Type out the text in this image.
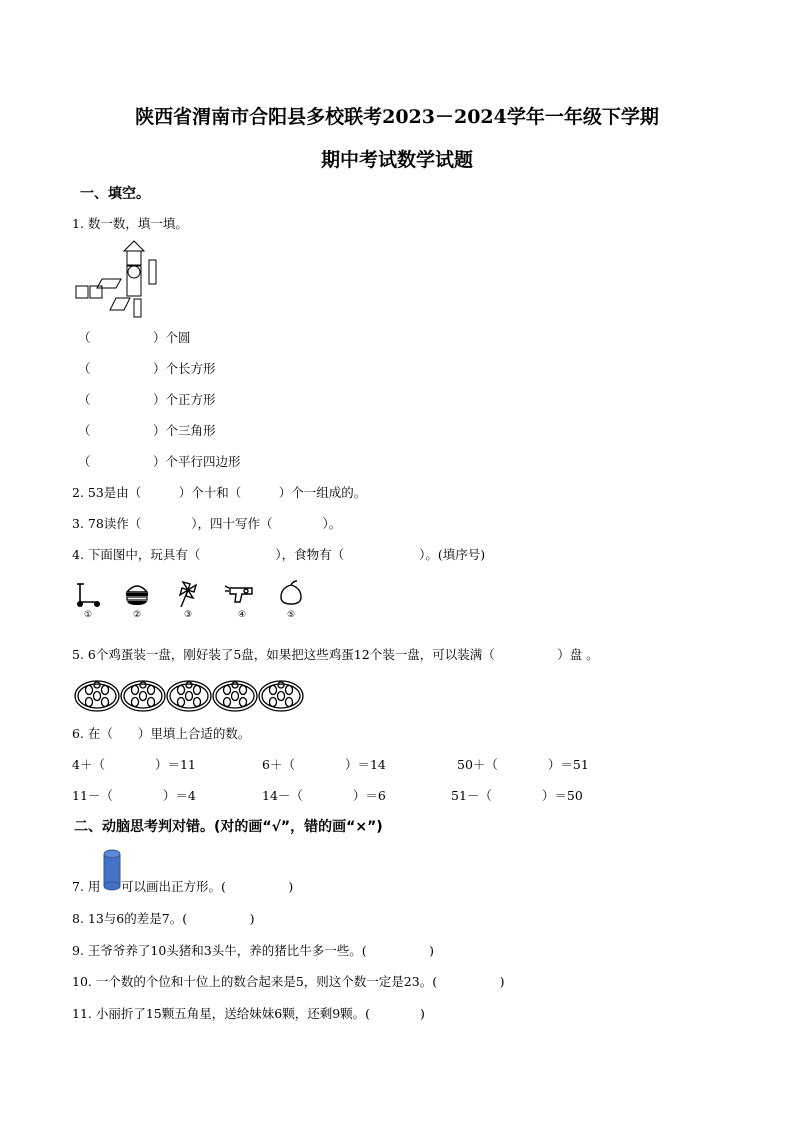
陕西省渭南市合阳县多校联考2023－2024学年一年级下学期
期中考试数学试题
一、填空。
1. 数一数，填一填。
（　　　　　）个圆
（　　　　　）个长方形
（　　　　　）个正方形
（　　　　　）个三角形
（　　　　　）个平行四边形
2. 53是由（　　　）个十和（　　　）个一组成的。
3. 78读作（　　　　），四十写作（　　　　）。
4. 下面图中，玩具有（　　　　　　），食物有（　　　　　　）。(填序号)
①	②	③	④	⑤
5. 6个鸡蛋装一盘，刚好装了5盘，如果把这些鸡蛋12个装一盘，可以装满（　　　　　）盘 。
6. 在（　　）里填上合适的数。
4＋（　　　　）＝11	6＋（　　　　）＝14	50＋（　　　　）＝51
11－（　　　　）＝4	14－（　　　　）＝6	51－（　　　　）＝50
二、动脑思考判对错。(对的画“√”，错的画“×”)
7. 用 可以画出正方形。(　　　　　)
8. 13与6的差是7。(　　　　　)
9. 王爷爷养了10头猪和3头牛，养的猪比牛多一些。(　　　　　)
10. 一个数的个位和十位上的数合起来是5，则这个数一定是23。(　　　　　)
11. 小丽折了15颗五角星，送给妹妹6颗，还剩9颗。(　　　　)
